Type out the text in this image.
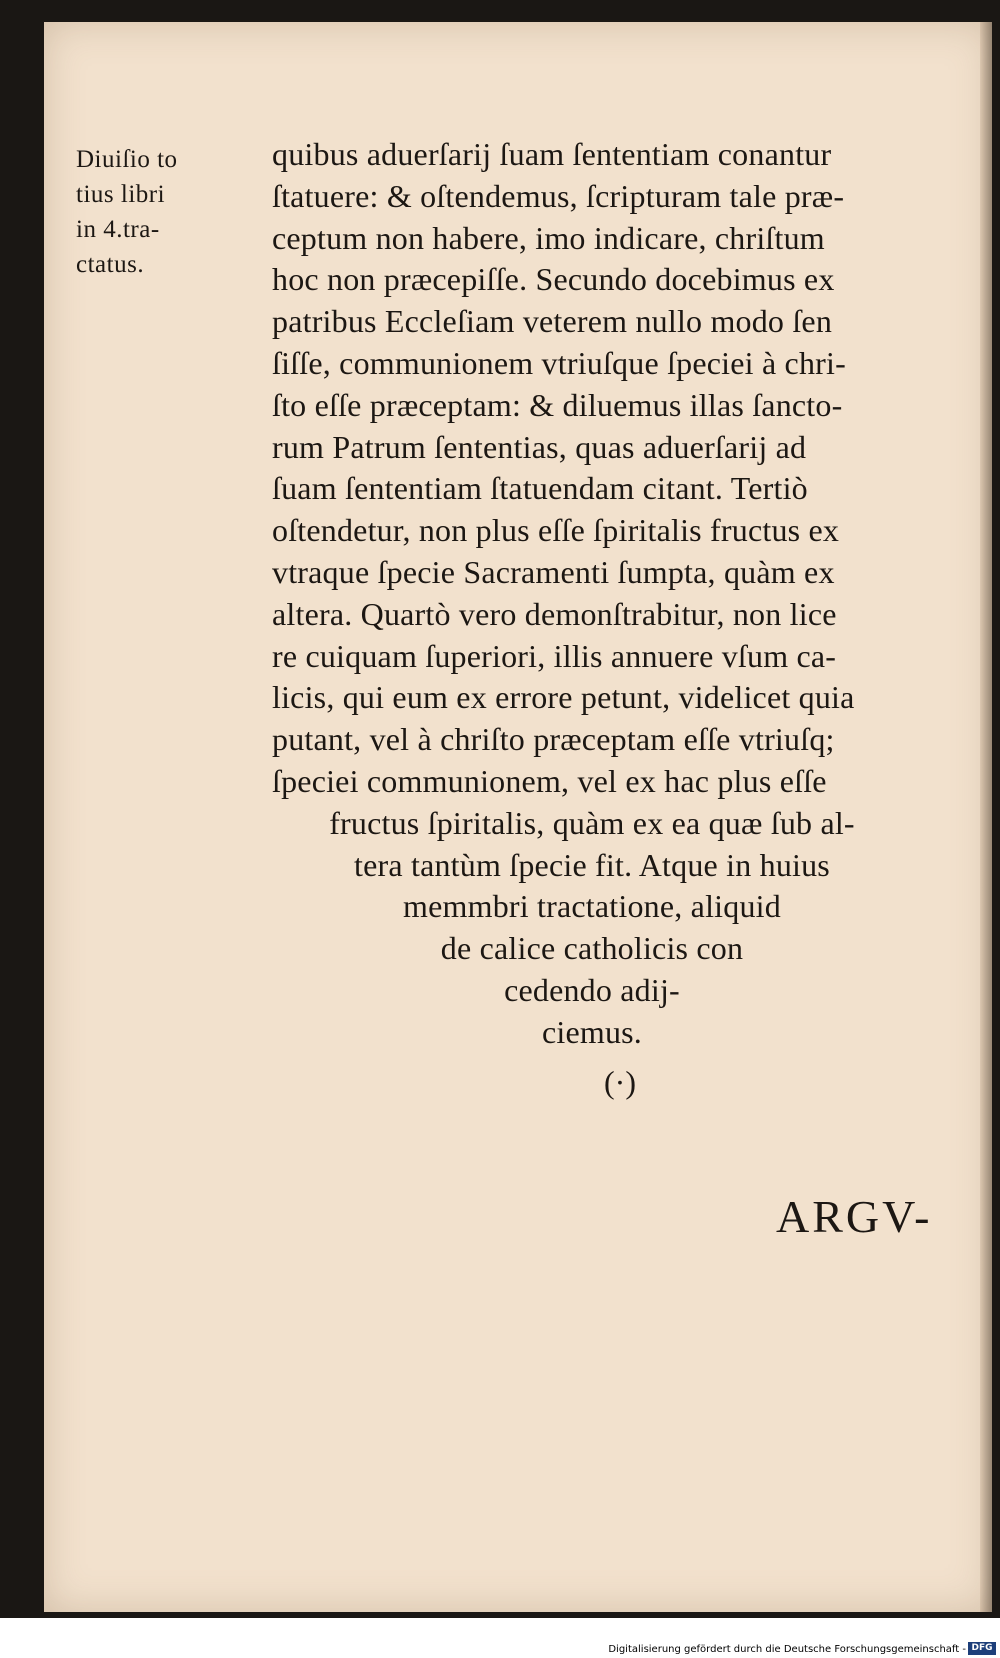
Diuiſio to
tius libri
in 4.tra-
ctatus.
quibus aduerſarij ſuam ſententiam conantur
ſtatuere: & oſtendemus, ſcripturam tale præ-
ceptum non habere, imo indicare, chriſtum
hoc non præcepiſſe. Secundo docebimus ex
patribus Eccleſiam veterem nullo modo ſen
ſiſſe, communionem vtriuſque ſpeciei à chri-
ſto eſſe præceptam: & diluemus illas ſancto-
rum Patrum ſententias, quas aduerſarij ad
ſuam ſententiam ſtatuendam citant. Tertiò
oſtendetur, non plus eſſe ſpiritalis fructus ex
vtraque ſpecie Sacramenti ſumpta, quàm ex
altera. Quartò vero demonſtrabitur, non lice
re cuiquam ſuperiori, illis annuere vſum ca-
licis, qui eum ex errore petunt, videlicet quia
putant, vel à chriſto præceptam eſſe vtriuſq;
ſpeciei communionem, vel ex hac plus eſſe
fructus ſpiritalis, quàm ex ea quæ ſub al-
tera tantùm ſpecie fit. Atque in huius
memmbri tractatione, aliquid
de calice catholicis con
cedendo adij-
ciemus.
(·)
ARGV-
Digitalisierung gefördert durch die Deutsche Forschungsgemeinschaft - DFG
